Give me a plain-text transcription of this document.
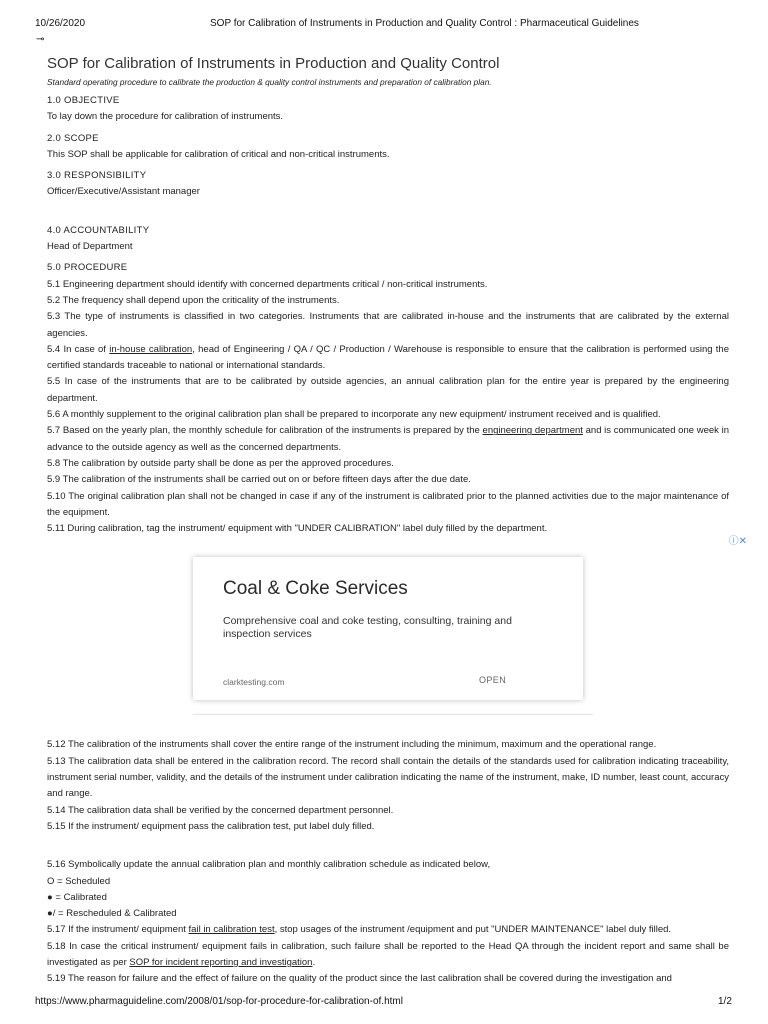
10/26/2020	SOP for Calibration of Instruments in Production and Quality Control : Pharmaceutical Guidelines
⊸
SOP for Calibration of Instruments in Production and Quality Control
Standard operating procedure to calibrate the production & quality control instruments and preparation of calibration plan.
1.0 OBJECTIVE
To lay down the procedure for calibration of instruments.
2.0 SCOPE
This SOP shall be applicable for calibration of critical and non-critical instruments.
3.0 RESPONSIBILITY
Officer/Executive/Assistant manager
4.0 ACCOUNTABILITY
Head of Department
5.0 PROCEDURE

5.1 Engineering department should identify with concerned departments critical / non-critical instruments.

5.2 The frequency shall depend upon the criticality of the instruments.

5.3 The type of instruments is classified in two categories. Instruments that are calibrated in-house and the instruments that are calibrated by the external agencies.

5.4 In case of in-house calibration, head of Engineering / QA / QC / Production / Warehouse is responsible to ensure that the calibration is performed using the certified standards traceable to national or international standards.

5.5 In case of the instruments that are to be calibrated by outside agencies, an annual calibration plan for the entire year is prepared by the engineering department.

5.6 A monthly supplement to the original calibration plan shall be prepared to incorporate any new equipment/ instrument received and is qualified.

5.7 Based on the yearly plan, the monthly schedule for calibration of the instruments is prepared by the engineering department and is communicated one week in advance to the outside agency as well as the concerned departments.

5.8 The calibration by outside party shall be done as per the approved procedures.

5.9 The calibration of the instruments shall be carried out on or before fifteen days after the due date.

5.10 The original calibration plan shall not be changed in case if any of the instrument is calibrated prior to the planned activities due to the major maintenance of the equipment.

5.11 During calibration, tag the instrument/ equipment with "UNDER CALIBRATION" label duly filled by the department.

ⓘ✕
Coal & Coke Services
Comprehensive coal and coke testing, consulting, training and inspection services
clarktesting.com	OPEN

5.12 The calibration of the instruments shall cover the entire range of the instrument including the minimum, maximum and the operational range.

5.13 The calibration data shall be entered in the calibration record. The record shall contain the details of the standards used for calibration indicating traceability, instrument serial number, validity, and the details of the instrument under calibration indicating the name of the instrument, make, ID number, least count, accuracy and range.

5.14 The calibration data shall be verified by the concerned department personnel.

5.15 If the instrument/ equipment pass the calibration test, put label duly filled.

5.16 Symbolically update the annual calibration plan and monthly calibration schedule as indicated below,

O = Scheduled
● = Calibrated
●/ = Rescheduled & Calibrated

5.17 If the instrument/ equipment fail in calibration test, stop usages of the instrument /equipment and put "UNDER MAINTENANCE" label duly filled.

5.18 In case the critical instrument/ equipment fails in calibration, such failure shall be reported to the Head QA through the incident report and same shall be investigated as per SOP for incident reporting and investigation.

5.19 The reason for failure and the effect of failure on the quality of the product since the last calibration shall be covered during the investigation and

https://www.pharmaguideline.com/2008/01/sop-for-procedure-for-calibration-of.html	1/2
